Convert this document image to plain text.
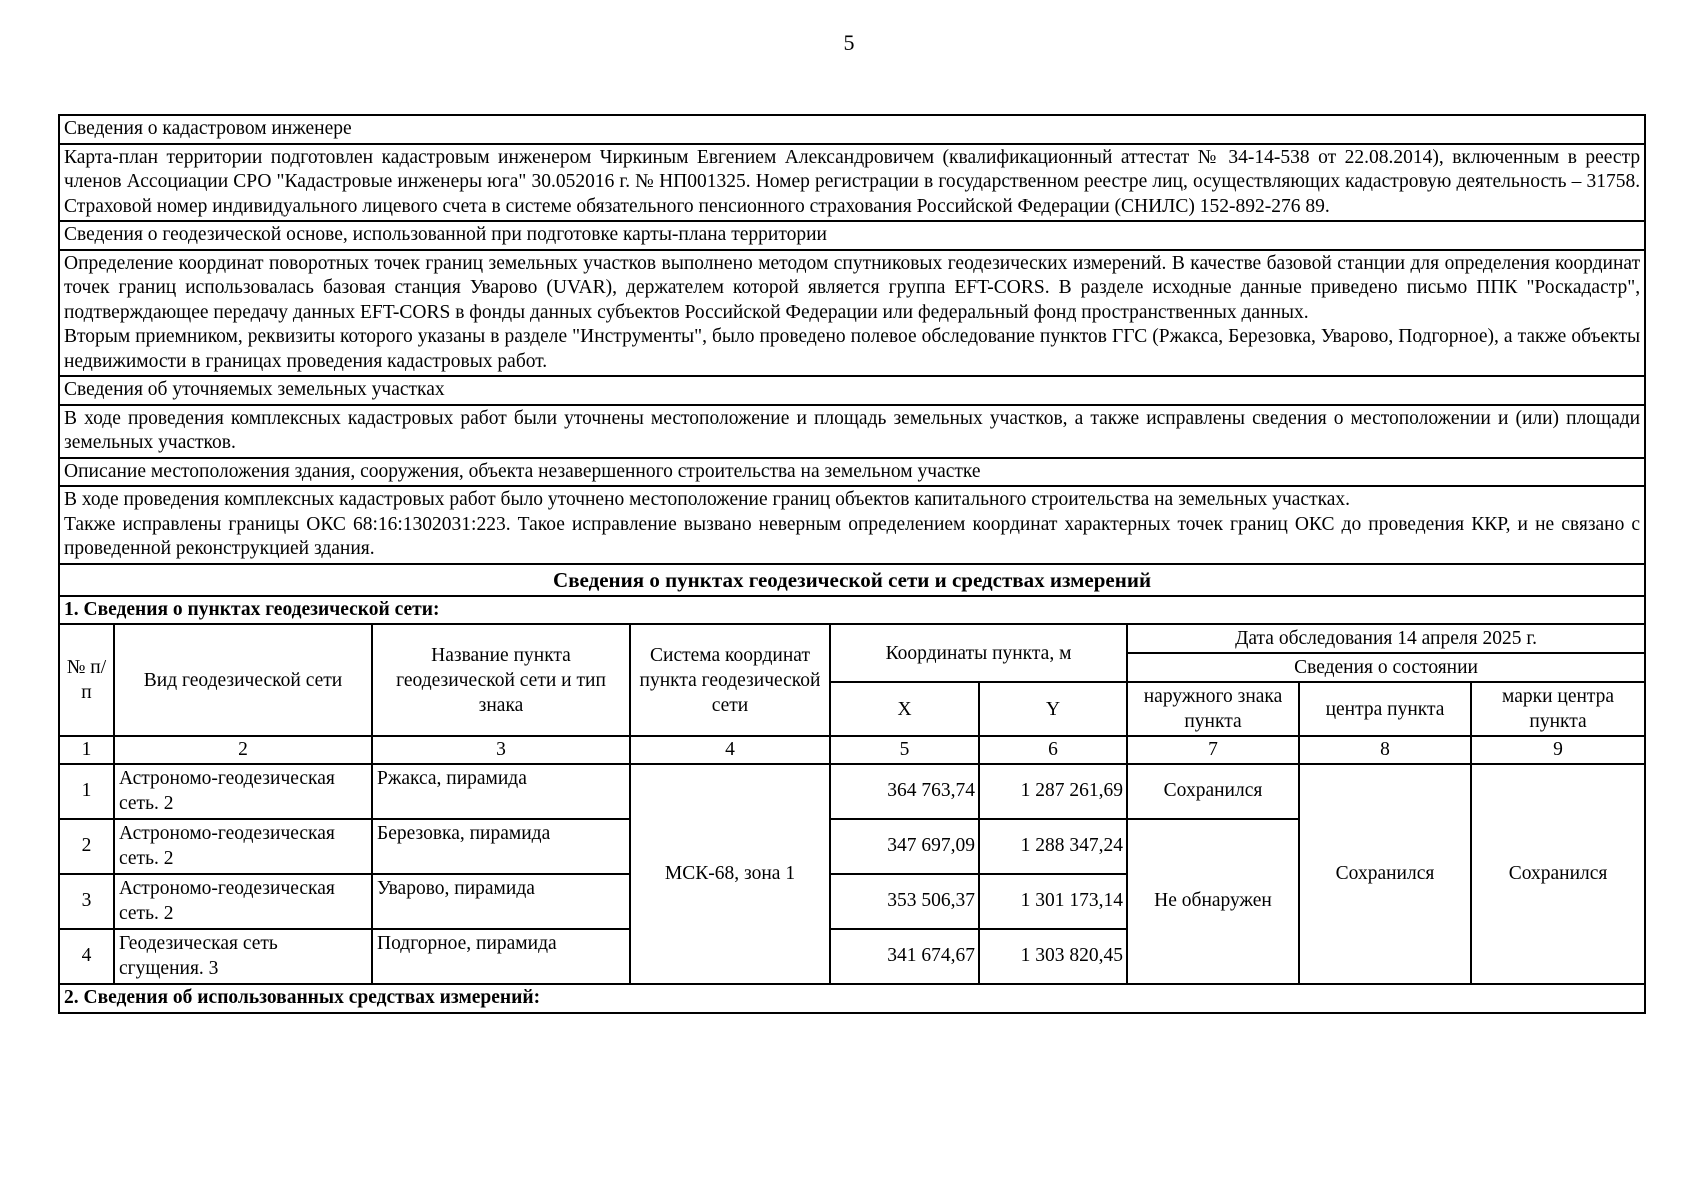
5
Сведения о кадастровом инженере								
Карта-план территории подготовлен кадастровым инженером Чиркиным Евгением Александровичем (квалификационный аттестат № 34-14-538 от 22.08.2014), включенным в реестр членов Ассоциации СРО "Кадастровые инженеры юга" 30.052016 г. № НП001325. Номер регистрации в государственном реестре лиц, осуществляющих кадастровую деятельность – 31758. Страховой номер индивидуального лицевого счета в системе обязательного пенсионного страхования Российской Федерации (СНИЛС) 152-892-276 89.								
Сведения о геодезической основе, использованной при подготовке карты-плана территории								

Определение координат поворотных точек границ земельных участков выполнено методом спутниковых геодезических измерений. В качестве базовой станции для определения координат точек границ использовалась базовая станция Уварово (UVAR), держателем которой является группа EFT-CORS. В разделе исходные данные приведено письмо ППК "Роскадастр", подтверждающее передачу данных EFT-CORS в фонды данных субъектов Российской Федерации или федеральный фонд пространственных данных.
Вторым приемником, реквизиты которого указаны в разделе "Инструменты", было проведено полевое обследование пунктов ГГС (Ржакса, Березовка, Уварово, Подгорное), а также объекты недвижимости в границах проведения кадастровых работ.								

Сведения об уточняемых земельных участках								
В ходе проведения комплексных кадастровых работ были уточнены местоположение и площадь земельных участков, а также исправлены сведения о местоположении и (или) площади земельных участков.								
Описание местоположения здания, сооружения, объекта незавершенного строительства на земельном участке								

В ходе проведения комплексных кадастровых работ было уточнено местоположение границ объектов капитального строительства на земельных участках.
Также исправлены границы ОКС 68:16:1302031:223. Такое исправление вызвано неверным определением координат характерных точек границ ОКС до проведения ККР, и не связано с проведенной реконструкцией здания.								

Сведения о пунктах геодезической сети и средствах измерений								
1. Сведения о пунктах геодезической сети:								
№ п/п	Вид геодезической сети	Название пункта геодезической сети и тип знака	Система координат пункта геодезической сети	Координаты пункта, м		Дата обследования 14 апреля 2025 г.		
						Сведения о состоянии		
				X	Y	наружного знака пункта	центра пункта	марки центра пункта
1	2	3	4	5	6	7	8	9
1	Астрономо-геодезическая сеть. 2	Ржакса, пирамида	МСК-68, зона 1	364 763,74	1 287 261,69	Сохранился	Сохранился	Сохранился
2	Астрономо-геодезическая сеть. 2	Березовка, пирамида		347 697,09	1 288 347,24	Не обнаружен		
3	Астрономо-геодезическая сеть. 2	Уварово, пирамида		353 506,37	1 301 173,14			
4	Геодезическая сеть сгущения. 3	Подгорное, пирамида		341 674,67	1 303 820,45			
2. Сведения об использованных средствах измерений:								
